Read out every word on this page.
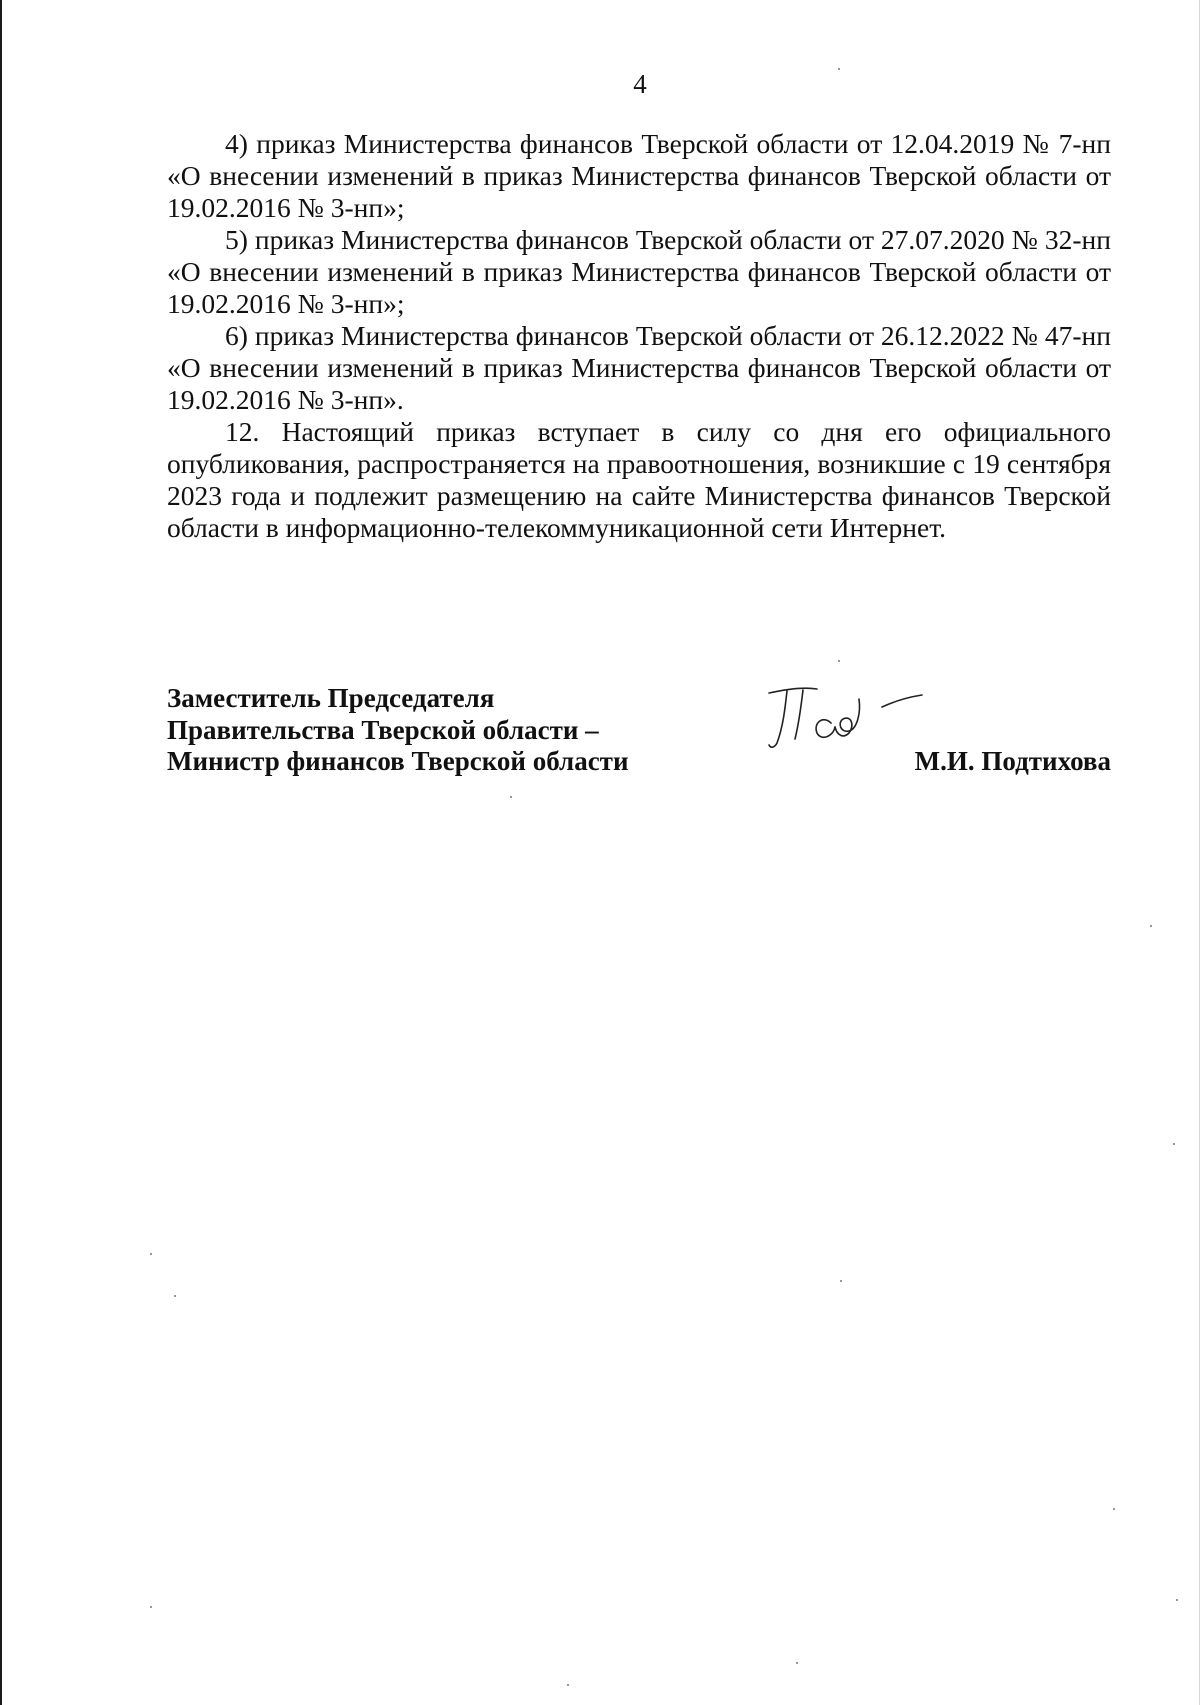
4

4) приказ Министерства финансов Тверской области от 12.04.2019 № 7-нп «О внесении изменений в приказ Министерства финансов Тверской области от 19.02.2016 № 3-нп»;

5) приказ Министерства финансов Тверской области от 27.07.2020 № 32-нп «О внесении изменений в приказ Министерства финансов Тверской области от 19.02.2016 № 3-нп»;

6) приказ Министерства финансов Тверской области от 26.12.2022 № 47-нп «О внесении изменений в приказ Министерства финансов Тверской области от 19.02.2016 № 3-нп».

12. Настоящий приказ вступает в силу со дня его официального опубликования, распространяется на правоотношения, возникшие с 19 сентября 2023 года и подлежит размещению на сайте Министерства финансов Тверской области в информационно-телекоммуникационной сети Интернет.

Заместитель Председателя
Правительства Тверской области –
Министр финансов Тверской области	М.И. Подтихова
